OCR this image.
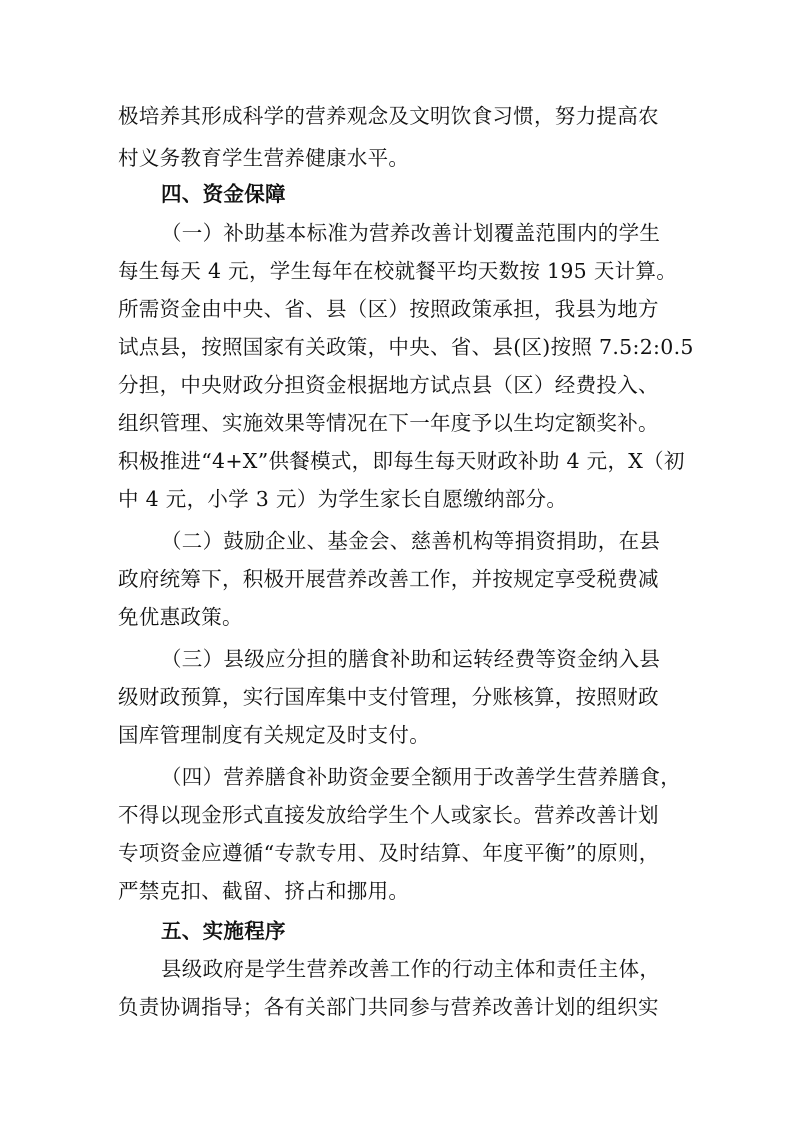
极培养其形成科学的营养观念及文明饮食习惯，努力提高农
村义务教育学生营养健康水平。
四、资金保障
（一）补助基本标准为营养改善计划覆盖范围内的学生
每生每天 4 元，学生每年在校就餐平均天数按 195 天计算。
所需资金由中央、省、县（区）按照政策承担，我县为地方
试点县，按照国家有关政策，中央、省、县(区)按照 7.5:2:0.5
分担，中央财政分担资金根据地方试点县（区）经费投入、
组织管理、实施效果等情况在下一年度予以生均定额奖补。
积极推进“4+X”供餐模式，即每生每天财政补助 4 元，X（初
中 4 元，小学 3 元）为学生家长自愿缴纳部分。
（二）鼓励企业、基金会、慈善机构等捐资捐助，在县
政府统筹下，积极开展营养改善工作，并按规定享受税费减
免优惠政策。
（三）县级应分担的膳食补助和运转经费等资金纳入县
级财政预算，实行国库集中支付管理，分账核算，按照财政
国库管理制度有关规定及时支付。
（四）营养膳食补助资金要全额用于改善学生营养膳食，
不得以现金形式直接发放给学生个人或家长。营养改善计划
专项资金应遵循“专款专用、及时结算、年度平衡”的原则，
严禁克扣、截留、挤占和挪用。
五、实施程序
县级政府是学生营养改善工作的行动主体和责任主体，
负责协调指导；各有关部门共同参与营养改善计划的组织实
